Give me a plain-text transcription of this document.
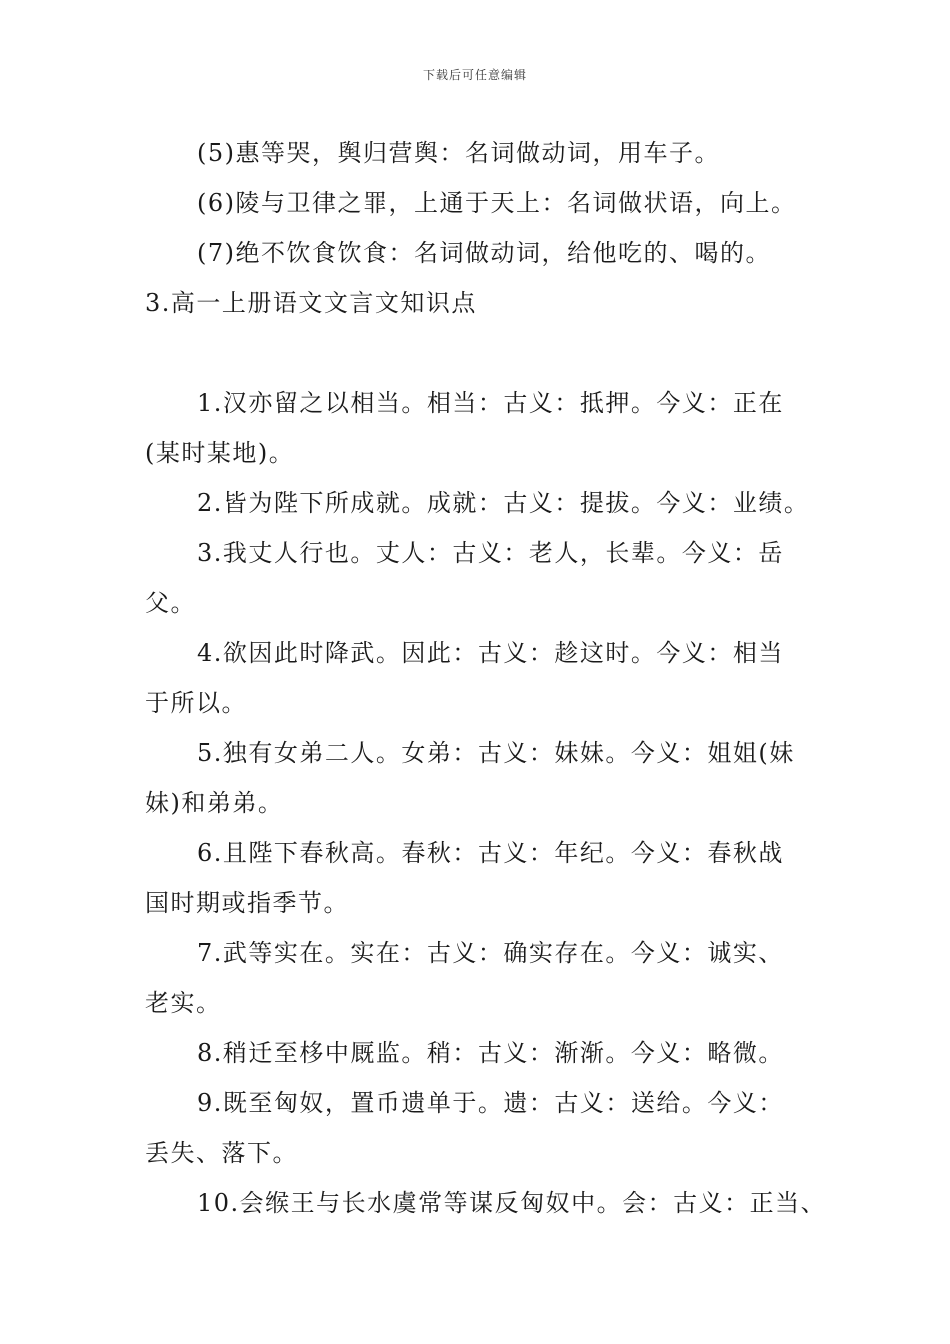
下载后可任意编辑

(5)惠等哭，舆归营舆：名词做动词，用车子。

(6)陵与卫律之罪，上通于天上：名词做状语，向上。

(7)绝不饮食饮食：名词做动词，给他吃的、喝的。

3.高一上册语文文言文知识点

1.汉亦留之以相当。相当：古义：抵押。今义：正在

(某时某地)。

2.皆为陛下所成就。成就：古义：提拔。今义：业绩。

3.我丈人行也。丈人：古义：老人，长辈。今义：岳

父。

4.欲因此时降武。因此：古义：趁这时。今义：相当

于所以。

5.独有女弟二人。女弟：古义：妹妹。今义：姐姐(妹

妹)和弟弟。

6.且陛下春秋高。春秋：古义：年纪。今义：春秋战

国时期或指季节。

7.武等实在。实在：古义：确实存在。今义：诚实、

老实。

8.稍迁至栘中厩监。稍：古义：渐渐。今义：略微。

9.既至匈奴，置币遗单于。遗：古义：送给。今义：

丢失、落下。

10.会缑王与长水虞常等谋反匈奴中。会：古义：正当、
